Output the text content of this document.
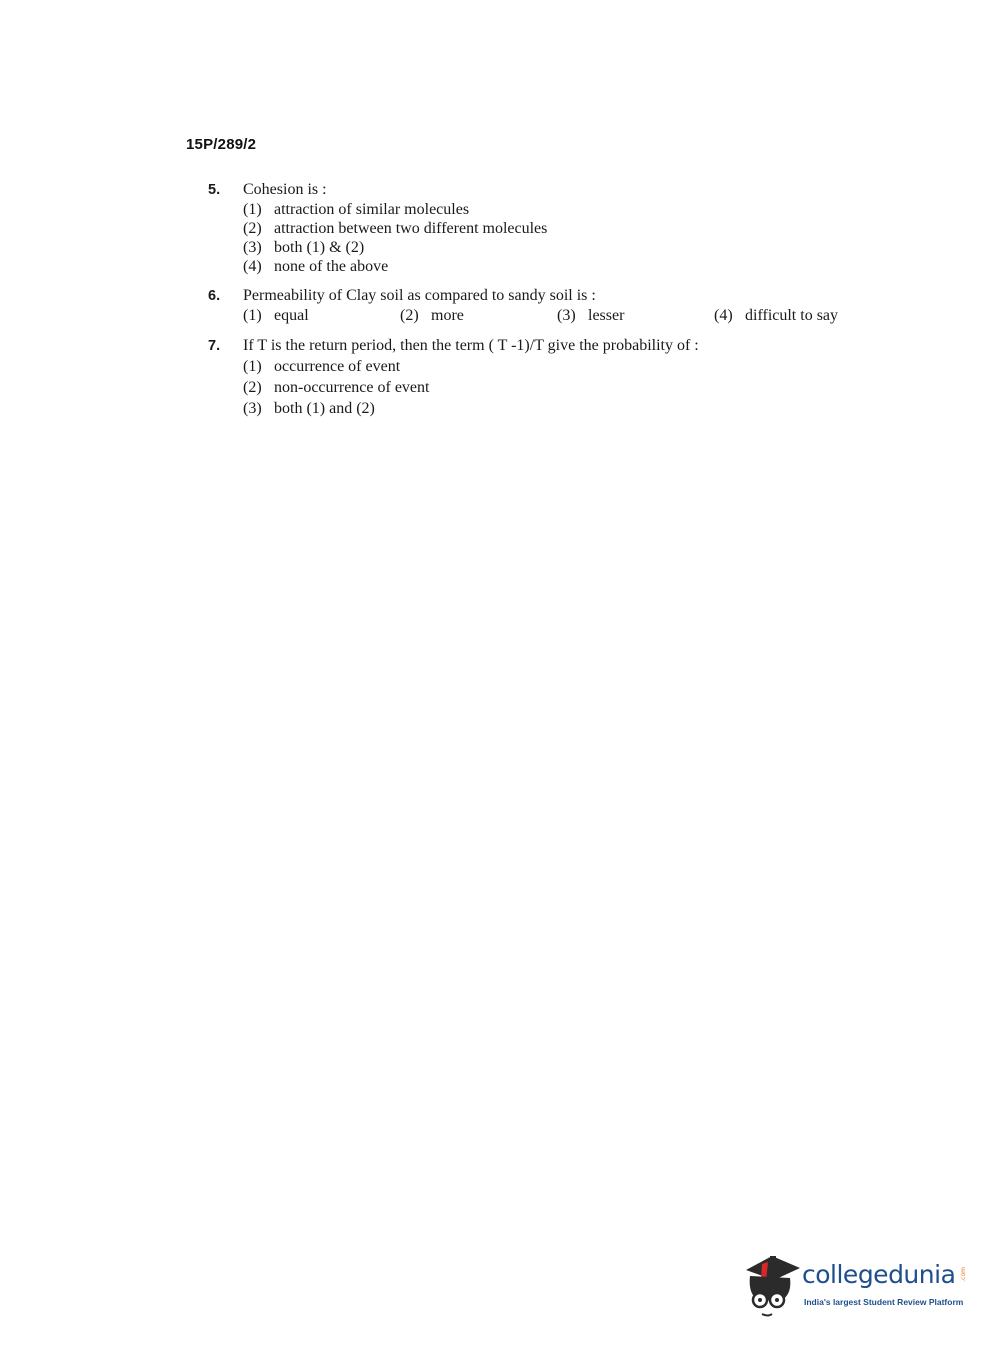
15P/289/2
5.	Cohesion is :
(1) attraction of similar molecules
(2) attraction between two different molecules
(3) both (1) & (2)
(4) none of the above
6.	Permeability of Clay soil as compared to sandy soil is :
(1) equal	(2) more	(3) lesser	(4) difficult to say
7.	If T is the return period, then the term ( T -1)/T give the probability of :
(1) occurrence of event
(2) non-occurrence of event
(3) both (1) and (2)
collegedunia .com
India's largest Student Review Platform
